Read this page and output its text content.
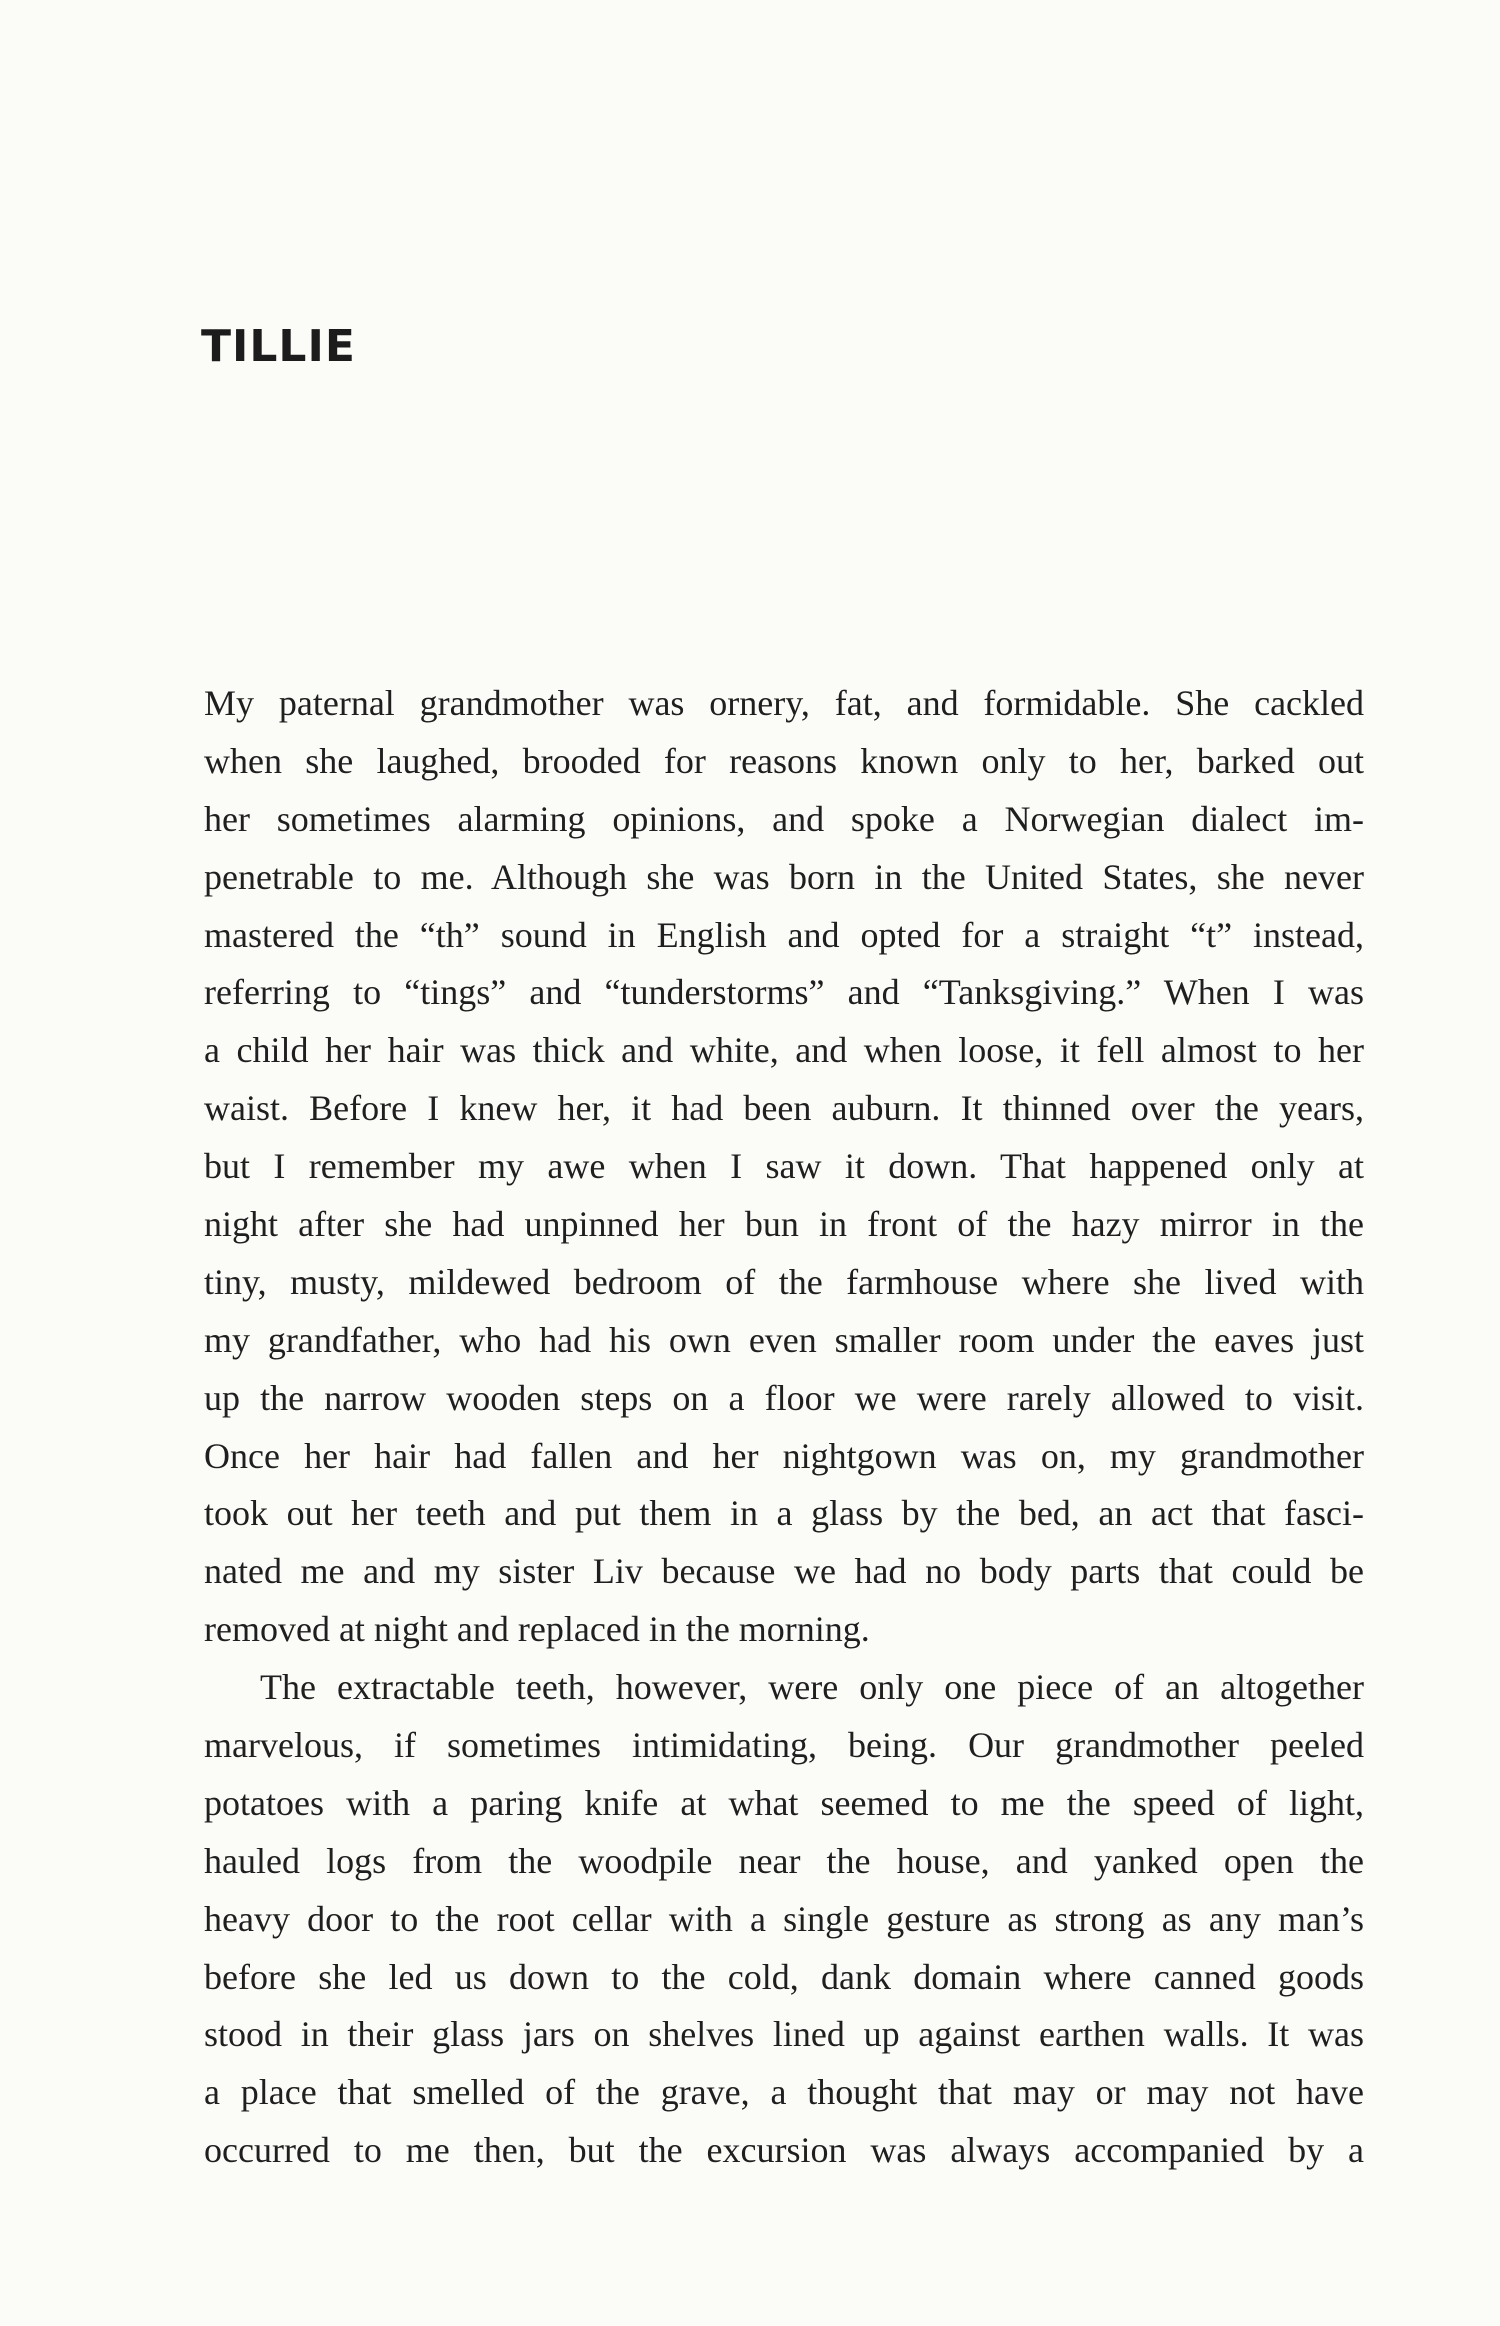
TILLIE
My paternal grandmother was ornery, fat, and formidable. She cackled
when she laughed, brooded for reasons known only to her, barked out
her sometimes alarming opinions, and spoke a Norwegian dialect im-
penetrable to me. Although she was born in the United States, she never
mastered the “th” sound in English and opted for a straight “t” instead,
referring to “tings” and “tunderstorms” and “Tanksgiving.” When I was
a child her hair was thick and white, and when loose, it fell almost to her
waist. Before I knew her, it had been auburn. It thinned over the years,
but I remember my awe when I saw it down. That happened only at
night after she had unpinned her bun in front of the hazy mirror in the
tiny, musty, mildewed bedroom of the farmhouse where she lived with
my grandfather, who had his own even smaller room under the eaves just
up the narrow wooden steps on a floor we were rarely allowed to visit.
Once her hair had fallen and her nightgown was on, my grandmother
took out her teeth and put them in a glass by the bed, an act that fasci-
nated me and my sister Liv because we had no body parts that could be
removed at night and replaced in the morning.
The extractable teeth, however, were only one piece of an altogether
marvelous, if sometimes intimidating, being. Our grandmother peeled
potatoes with a paring knife at what seemed to me the speed of light,
hauled logs from the woodpile near the house, and yanked open the
heavy door to the root cellar with a single gesture as strong as any man’s
before she led us down to the cold, dank domain where canned goods
stood in their glass jars on shelves lined up against earthen walls. It was
a place that smelled of the grave, a thought that may or may not have
occurred to me then, but the excursion was always accompanied by a
